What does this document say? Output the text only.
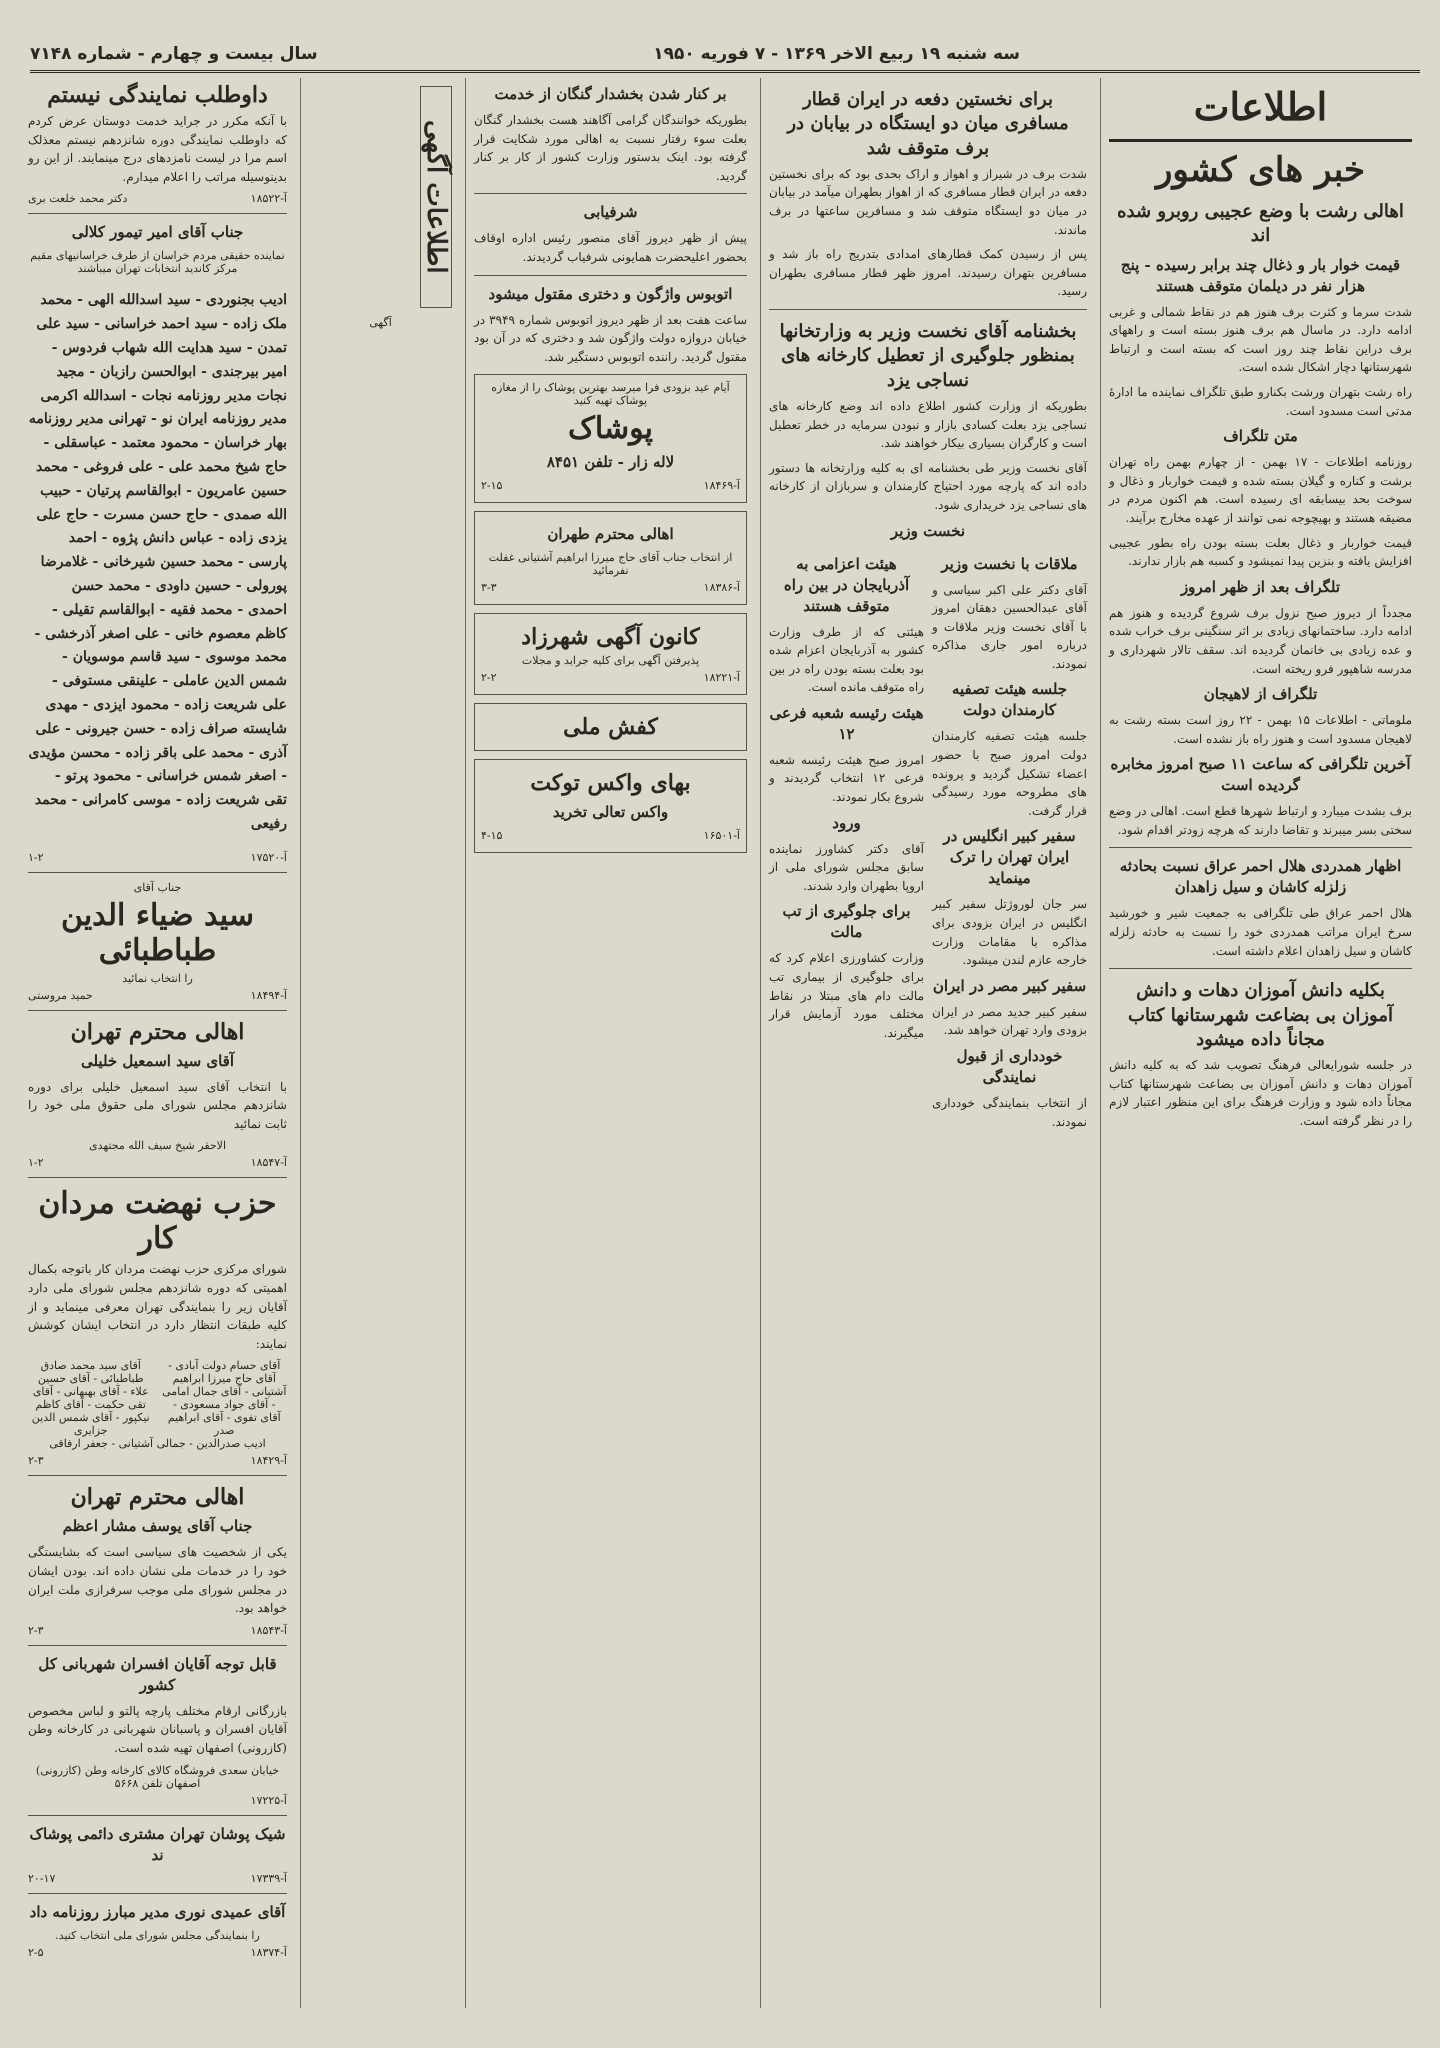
سه شنبه ۱۹ ربیع الاخر ۱۳۶۹ - ۷ فوریه ۱۹۵۰
سال بیست و چهارم - شماره ۷۱۴۸
اطلاعات
خبر های کشور
اهالی رشت با وضع عجیبی روبرو شده اند
قیمت خوار بار و ذغال چند برابر رسیده - پنج هزار نفر در دیلمان متوقف هستند

شدت سرما و کثرت برف هنوز هم در نقاط شمالی و غربی ادامه دارد. در ماسال هم برف هنوز بسته است و راههای برف دراین نقاط چند روز است که بسته است و ارتباط شهرستانها دچار اشکال شده است.

راه رشت بتهران ورشت بکنارو طبق تلگراف نماینده ما ادارۀ مدتی است مسدود است.

متن تلگراف

روزنامه اطلاعات - ۱۷ بهمن - از چهارم بهمن راه تهران برشت و کناره و گیلان بسته شده و قیمت خواربار و ذغال و سوخت بحد بیسابقه ای رسیده است. هم اکنون مردم در مضیقه هستند و بهیچوجه نمی توانند از عهده مخارج برآیند.

قیمت خواربار و ذغال بعلت بسته بودن راه بطور عجیبی افزایش یافته و بنزین پیدا نمیشود و کسبه هم بازار ندارند.

تلگراف بعد از ظهر امروز

مجدداً از دیروز صبح نزول برف شروع گردیده و هنوز هم ادامه دارد. ساختمانهای زیادی بر اثر سنگینی برف خراب شده و عده زیادی بی خانمان گردیده اند. سقف تالار شهرداری و مدرسه شاهپور فرو ریخته است.

تلگراف از لاهیجان

ملوماتی - اطلاعات ۱۵ بهمن - ۲۲ روز است بسته رشت به لاهیجان مسدود است و هنوز راه باز نشده است.

آخرین تلگرافی که ساعت ۱۱ صبح امروز مخابره گردیده است

برف بشدت میبارد و ارتباط شهرها قطع است. اهالی در وضع سختی بسر میبرند و تقاضا دارند که هرچه زودتر اقدام شود.

اظهار همدردی هلال احمر عراق نسبت بحادثه زلزله کاشان و سیل زاهدان

هلال احمر عراق طی تلگرافی به جمعیت شیر و خورشید سرخ ایران مراتب همدردی خود را نسبت به حادثه زلزله کاشان و سیل زاهدان اعلام داشته است.

بکلیه دانش آموزان دهات و دانش آموزان بی بضاعت شهرستانها کتاب مجاناً داده میشود

در جلسه شورایعالی فرهنگ تصویب شد که به کلیه دانش آموزان دهات و دانش آموزان بی بضاعت شهرستانها کتاب مجاناً داده شود و وزارت فرهنگ برای این منظور اعتبار لازم را در نظر گرفته است.

برای نخستین دفعه در ایران قطار مسافری میان دو ایستگاه در بیابان در برف متوقف شد

شدت برف در شیراز و اهواز و اراک بحدی بود که برای نخستین دفعه در ایران قطار مسافری که از اهواز بطهران میآمد در بیابان در میان دو ایستگاه متوقف شد و مسافرین ساعتها در برف ماندند.

پس از رسیدن کمک قطارهای امدادی بتدریج راه باز شد و مسافرین بتهران رسیدند. امروز ظهر قطار مسافری بطهران رسید.

بخشنامه آقای نخست وزیر به وزارتخانها بمنظور جلوگیری از تعطیل کارخانه های نساجی یزد

بطوریکه از وزارت کشور اطلاع داده اند وضع کارخانه های نساجی یزد بعلت کسادی بازار و نبودن سرمایه در خطر تعطیل است و کارگران بسیاری بیکار خواهند شد.

آقای نخست وزیر طی بخشنامه ای به کلیه وزارتخانه ها دستور داده اند که پارچه مورد احتیاج کارمندان و سربازان از کارخانه های نساجی یزد خریداری شود.

نخست وزیر
ملاقات با نخست وزیر

آقای دکتر علی اکبر سیاسی و آقای عبدالحسین دهقان امروز با آقای نخست وزیر ملاقات و درباره امور جاری مذاکره نمودند.

جلسه هیئت تصفیه کارمندان دولت

جلسه هیئت تصفیه کارمندان دولت امروز صبح با حضور اعضاء تشکیل گردید و پرونده های مطروحه مورد رسیدگی قرار گرفت.

سفیر کبیر انگلیس در ایران تهران را ترک مینماید

سر جان لوروژتل سفیر کبیر انگلیس در ایران بزودی برای مذاکره با مقامات وزارت خارجه عازم لندن میشود.

سفیر کبیر مصر در ایران

سفیر کبیر جدید مصر در ایران بزودی وارد تهران خواهد شد.

خودداری از قبول نمایندگی

از انتخاب بنمایندگی خودداری نمودند.

هیئت اعزامی به آذربایجان در بین راه متوقف هستند

هیئتی که از طرف وزارت کشور به آذربایجان اعزام شده بود بعلت بسته بودن راه در بین راه متوقف مانده است.

هیئت رئیسه شعبه فرعی ۱۲

امروز صبح هیئت رئیسه شعبه فرعی ۱۲ انتخاب گردیدند و شروع بکار نمودند.

ورود

آقای دکتر کشاورز نماینده سابق مجلس شورای ملی از اروپا بطهران وارد شدند.

برای جلوگیری از تب مالت

وزارت کشاورزی اعلام کرد که برای جلوگیری از بیماری تب مالت دام های مبتلا در نقاط مختلف مورد آزمایش قرار میگیرند.

بر کنار شدن بخشدار گنگان از خدمت

بطوریکه خوانندگان گرامی آگاهند هست بخشدار گنگان بعلت سوء رفتار نسبت به اهالی مورد شکایت قرار گرفته بود. اینک بدستور وزارت کشور از کار بر کنار گردید.

شرفیابی

پیش از ظهر دیروز آقای منصور رئیس اداره اوقاف بحضور اعلیحضرت همایونی شرفیاب گردیدند.

اتوبوس واژگون و دختری مقتول میشود

ساعت هفت بعد از ظهر دیروز اتوبوس شماره ۳۹۴۹ در خیابان دروازه دولت واژگون شد و دختری که در آن بود مقتول گردید. راننده اتوبوس دستگیر شد.

آیام عید بزودی فرا میرسد بهترین پوشاک را از مغازه پوشاک تهیه کنید
پوشاک
لاله زار - تلفن ۸۴۵۱
۲-۱۵	آ-۱۸۴۶۹
اهالی محترم طهران
از انتخاب جناب آقای حاج میرزا ابراهیم آشتیانی غفلت نفرمائید
۳-۳	آ-۱۸۳۸۶
کانون آگهی شهرزاد
پذیرفتن آگهی برای کلیه جراید و مجلات
۲-۲	آ-۱۸۲۲۱
کفش ملی
بهای واکس توکت
واکس تعالی تخرید
۴-۱۵	آ-۱۶۵۰۱
اطلاعات آگهی
آگهی
داوطلب نمایندگی نیستم

با آنکه مکرر در جراید خدمت دوستان عرض کردم که داوطلب نمایندگی دوره شانزدهم نیستم معذلک اسم مرا در لیست نامزدهای درج مینمایند. از این رو بدینوسیله مراتب را اعلام میدارم.

دکتر محمد خلعت بری	آ-۱۸۵۲۲
جناب آقای امیر تیمور کلالی
نماینده حقیقی مردم خراسان از طرف خراسانیهای مقیم مرکز کاندید انتخابات تهران میباشند

ادیب بجنوردی - سید اسدالله الهی - محمد ملک زاده - سید احمد خراسانی - سید علی تمدن - سید هدایت الله شهاب فردوس - امیر بیرجندی - ابوالحسن رازبان - مجید نجات مدیر روزنامه نجات - اسدالله اکرمی مدیر روزنامه ایران نو - تهرانی مدیر روزنامه بهار خراسان - محمود معتمد - عباسقلی - حاج شیخ محمد علی - علی فروغی - محمد حسین عامریون - ابوالقاسم پرتیان - حبیب الله صمدی - حاج حسن مسرت - حاج علی یزدی زاده - عباس دانش پژوه - احمد پارسی - محمد حسین شیرخانی - غلامرضا پورولی - حسین داودی - محمد حسن احمدی - محمد فقیه - ابوالقاسم تقیلی - کاظم معصوم خانی - علی اصغر آذرخشی - محمد موسوی - سید قاسم موسویان - شمس الدین عاملی - علینقی مستوفی - علی شریعت زاده - محمود ایزدی - مهدی شایسته صراف زاده - حسن جیرونی - علی آذری - محمد علی باقر زاده - محسن مؤیدی - اصغر شمس خراسانی - محمود پرتو - تقی شریعت زاده - موسی کامرانی - محمد رفیعی

۱-۲	آ-۱۷۵۲۰
جناب آقای
سید ضیاء الدین طباطبائی
را انتخاب نمائید
حمید مروستی	آ-۱۸۴۹۴
اهالی محترم تهران
آقای سید اسمعیل خلیلی

با انتخاب آقای سید اسمعیل خلیلی برای دوره شانزدهم مجلس شورای ملی حقوق ملی خود را ثابت نمائید

الاحقر شیخ سیف الله مجتهدی
۱-۲	آ-۱۸۵۴۷
حزب نهضت مردان کار

شورای مرکزی حزب نهضت مردان کار باتوجه بکمال اهمیتی که دوره شانزدهم مجلس شورای ملی دارد آقایان زیر را بنمایندگی تهران معرفی مینماید و از کلیه طبقات انتظار دارد در انتخاب ایشان کوشش نمایند:

آقای حسام دولت آبادی - آقای حاج میرزا ابراهیم آشتیانی - آقای جمال امامی - آقای جواد مسعودی - آقای تفوی - آقای ابراهیم صدر
آقای سید محمد صادق طباطبائی - آقای حسین علاء - آقای بهبهانی - آقای تقی حکمت - آقای کاظم نیکپور - آقای شمس الدین جزایری
ادیب صدرالدین - جمالی آشتیانی - جعفر ارفاقی
۲-۳	آ-۱۸۴۲۹
اهالی محترم تهران
جناب آقای یوسف مشار اعظم

یکی از شخصیت های سیاسی است که بشایستگی خود را در خدمات ملی نشان داده اند. بودن ایشان در مجلس شورای ملی موجب سرفرازی ملت ایران خواهد بود.

۲-۳	آ-۱۸۵۴۳
قابل توجه آقایان افسران شهربانی کل کشور

بازرگانی ارقام مختلف پارچه پالتو و لباس مخصوص آقایان افسران و پاسبانان شهربانی در کارخانه وطن (کازرونی) اصفهان تهیه شده است.

خیابان سعدی فروشگاه کالای کارخانه وطن (کازرونی) اصفهان تلفن ۵۶۶۸
آ-۱۷۲۲۵
شیک پوشان تهران مشتری دائمی پوشاک ند
۲۰-۱۷	آ-۱۷۳۳۹
آقای عمیدی نوری مدیر مبارز روزنامه داد
را بنمایندگی مجلس شورای ملی انتخاب کنید.
۲-۵	آ-۱۸۳۷۴
